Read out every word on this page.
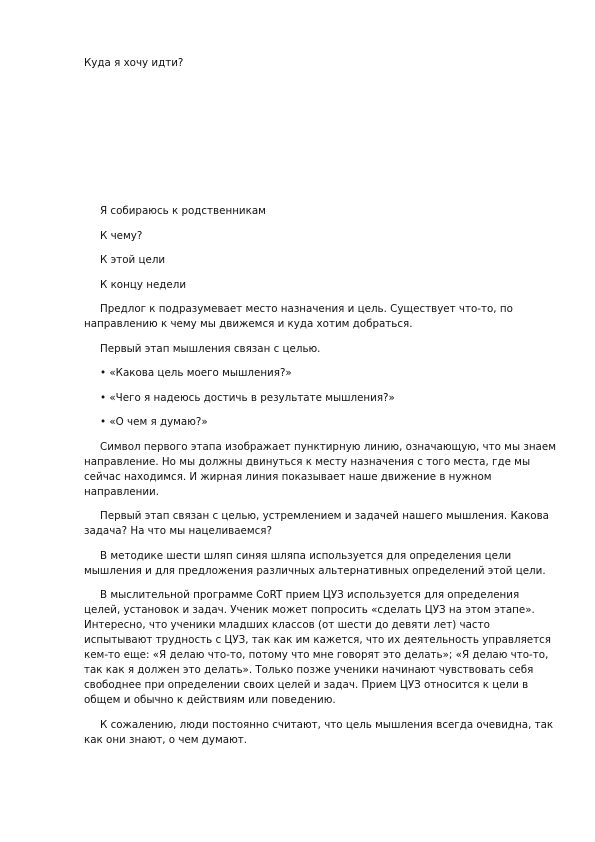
Куда я хочу идти?

Я собираюсь к родственникам

К чему?

К этой цели

К концу недели

Предлог к подразумевает место назначения и цель. Существует что-то, по направлению к чему мы движемся и куда хотим добраться.

Первый этап мышления связан с целью.

• «Какова цель моего мышления?»

• «Чего я надеюсь достичь в результате мышления?»

• «О чем я думаю?»

Символ первого этапа изображает пунктирную линию, означающую, что мы знаем направление. Но мы должны двинуться к месту назначения с того места, где мы сейчас находимся. И жирная линия показывает наше движение в нужном направлении.

Первый этап связан с целью, устремлением и задачей нашего мышления. Какова задача? На что мы нацеливаемся?

В методике шести шляп синяя шляпа используется для определения цели мышления и для предложения различных альтернативных определений этой цели.

В мыслительной программе CoRT прием ЦУЗ используется для определения целей, установок и задач. Ученик может попросить «сделать ЦУЗ на этом этапе». Интересно, что ученики младших классов (от шести до девяти лет) часто испытывают трудность с ЦУЗ, так как им кажется, что их деятельность управляется кем-то еще: «Я делаю что-то, потому что мне говорят это делать»; «Я делаю что-то, так как я должен это делать». Только позже ученики начинают чувствовать себя свободнее при определении своих целей и задач. Прием ЦУЗ относится к цели в общем и обычно к действиям или поведению.

К сожалению, люди постоянно считают, что цель мышления всегда очевидна, так как они знают, о чем думают.
